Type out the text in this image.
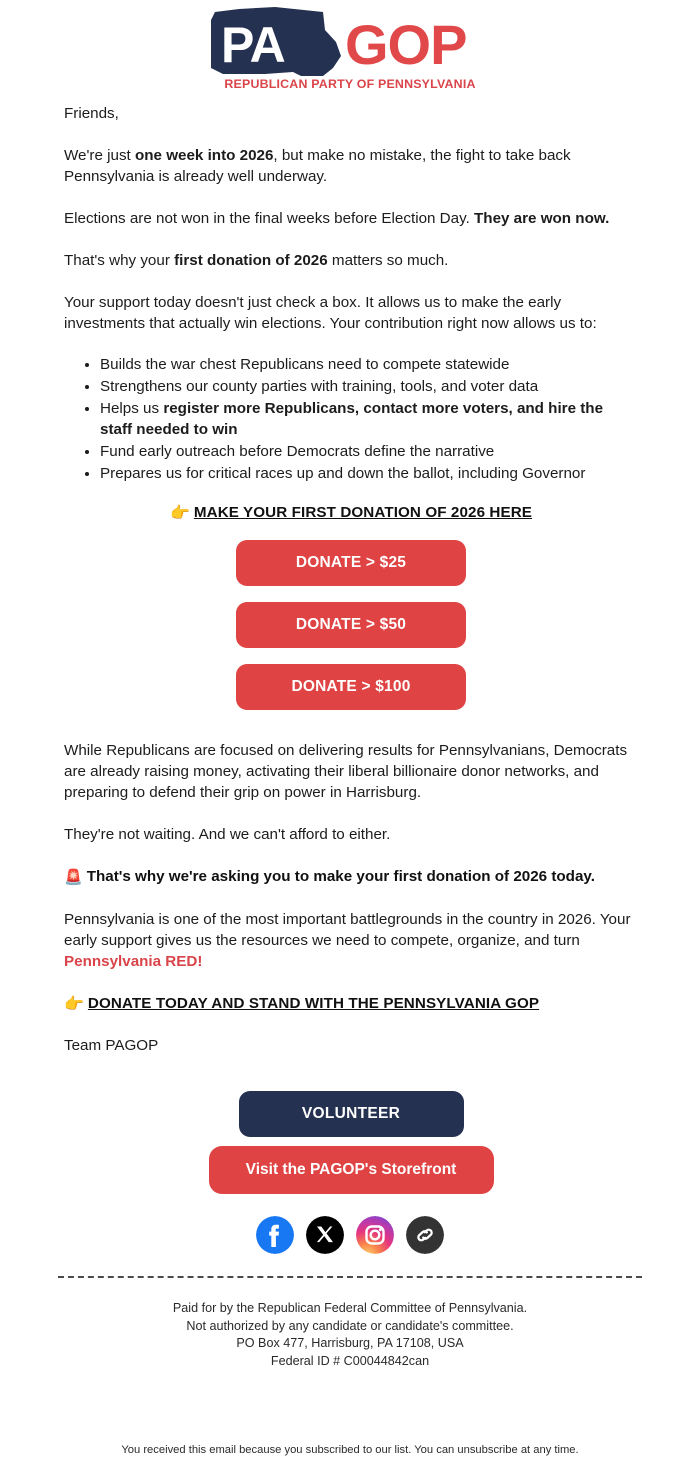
GOP
PA
REPUBLICAN PARTY OF PENNSYLVANIA

Friends,

We're just one week into 2026, but make no mistake, the fight to take back Pennsylvania is already well underway.

Elections are not won in the final weeks before Election Day. They are won now.

That's why your first donation of 2026 matters so much.

Your support today doesn't just check a box. It allows us to make the early investments that actually win elections. Your contribution right now allows us to:

• Builds the war chest Republicans need to compete statewide
• Strengthens our county parties with training, tools, and voter data
• Helps us register more Republicans, contact more voters, and hire the staff needed to win
• Fund early outreach before Democrats define the narrative
• Prepares us for critical races up and down the ballot, including Governor
👉 MAKE YOUR FIRST DONATION OF 2026 HERE
DONATE > $25
DONATE > $50
DONATE > $100

While Republicans are focused on delivering results for Pennsylvanians, Democrats are already raising money, activating their liberal billionaire donor networks, and preparing to defend their grip on power in Harrisburg.

They're not waiting. And we can't afford to either.

🚨 That's why we're asking you to make your first donation of 2026 today.

Pennsylvania is one of the most important battlegrounds in the country in 2026. Your early support gives us the resources we need to compete, organize, and turn Pennsylvania RED!

👉 DONATE TODAY AND STAND WITH THE PENNSYLVANIA GOP

Team PAGOP

VOLUNTEER
Visit the PAGOP's Storefront

Paid for by the Republican Federal Committee of Pennsylvania.

Not authorized by any candidate or candidate's committee.

PO Box 477, Harrisburg, PA 17108, USA

Federal ID # C00044842can

You received this email because you subscribed to our list. You can unsubscribe at any time.
